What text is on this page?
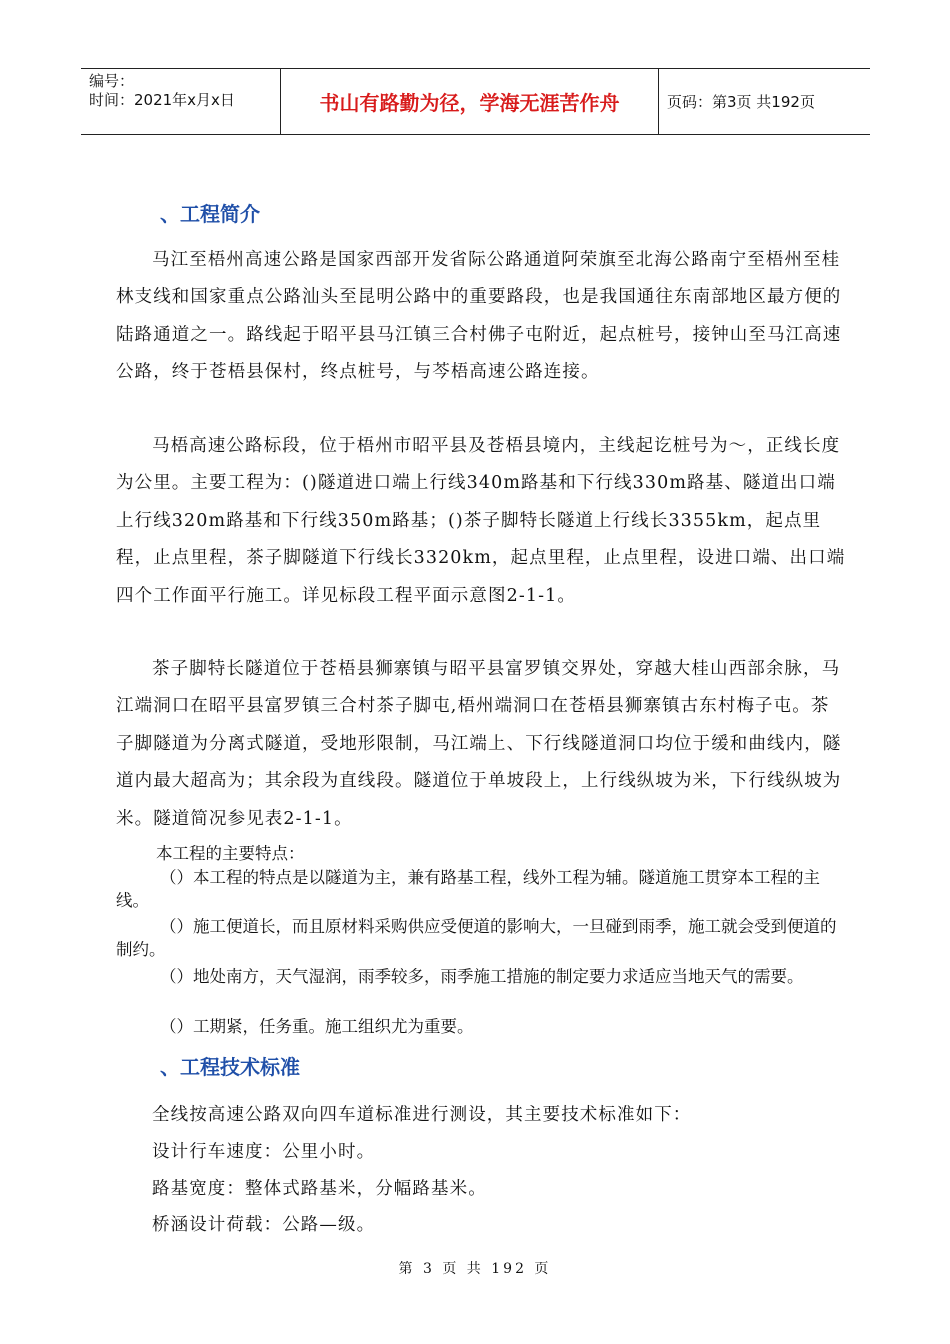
编号：
时间：2021年x月x日	书山有路勤为径，学海无涯苦作舟	页码：第3页 共192页
、工程简介

马江至梧州高速公路是国家西部开发省际公路通道阿荣旗至北海公路南宁至梧州至桂林支线和国家重点公路汕头至昆明公路中的重要路段，也是我国通往东南部地区最方便的陆路通道之一。路线起于昭平县马江镇三合村佛子屯附近，起点桩号，接钟山至马江高速公路，终于苍梧县保村，终点桩号，与芩梧高速公路连接。

马梧高速公路标段，位于梧州市昭平县及苍梧县境内，主线起讫桩号为～，正线长度为公里。主要工程为：()隧道进口端上行线340m路基和下行线330m路基、隧道出口端上行线320m路基和下行线350m路基；()茶子脚特长隧道上行线长3355km，起点里程，止点里程，茶子脚隧道下行线长3320km，起点里程，止点里程，设进口端、出口端四个工作面平行施工。详见标段工程平面示意图2-1-1。

茶子脚特长隧道位于苍梧县狮寨镇与昭平县富罗镇交界处，穿越大桂山西部余脉，马江端洞口在昭平县富罗镇三合村茶子脚屯,梧州端洞口在苍梧县狮寨镇古东村梅子屯。茶子脚隧道为分离式隧道，受地形限制，马江端上、下行线隧道洞口均位于缓和曲线内，隧道内最大超高为；其余段为直线段。隧道位于单坡段上，上行线纵坡为米，下行线纵坡为米。隧道简况参见表2-1-1。

本工程的主要特点：

（）本工程的特点是以隧道为主，兼有路基工程，线外工程为辅。隧道施工贯穿本工程的主线。

（）施工便道长，而且原材料采购供应受便道的影响大，一旦碰到雨季，施工就会受到便道的制约。

（）地处南方，天气湿润，雨季较多，雨季施工措施的制定要力求适应当地天气的需要。

（）工期紧，任务重。施工组织尤为重要。

、工程技术标准

全线按高速公路双向四车道标准进行测设，其主要技术标准如下：

设计行车速度：公里小时。

路基宽度：整体式路基米，分幅路基米。

桥涵设计荷载：公路—级。

第 3 页 共 192 页
